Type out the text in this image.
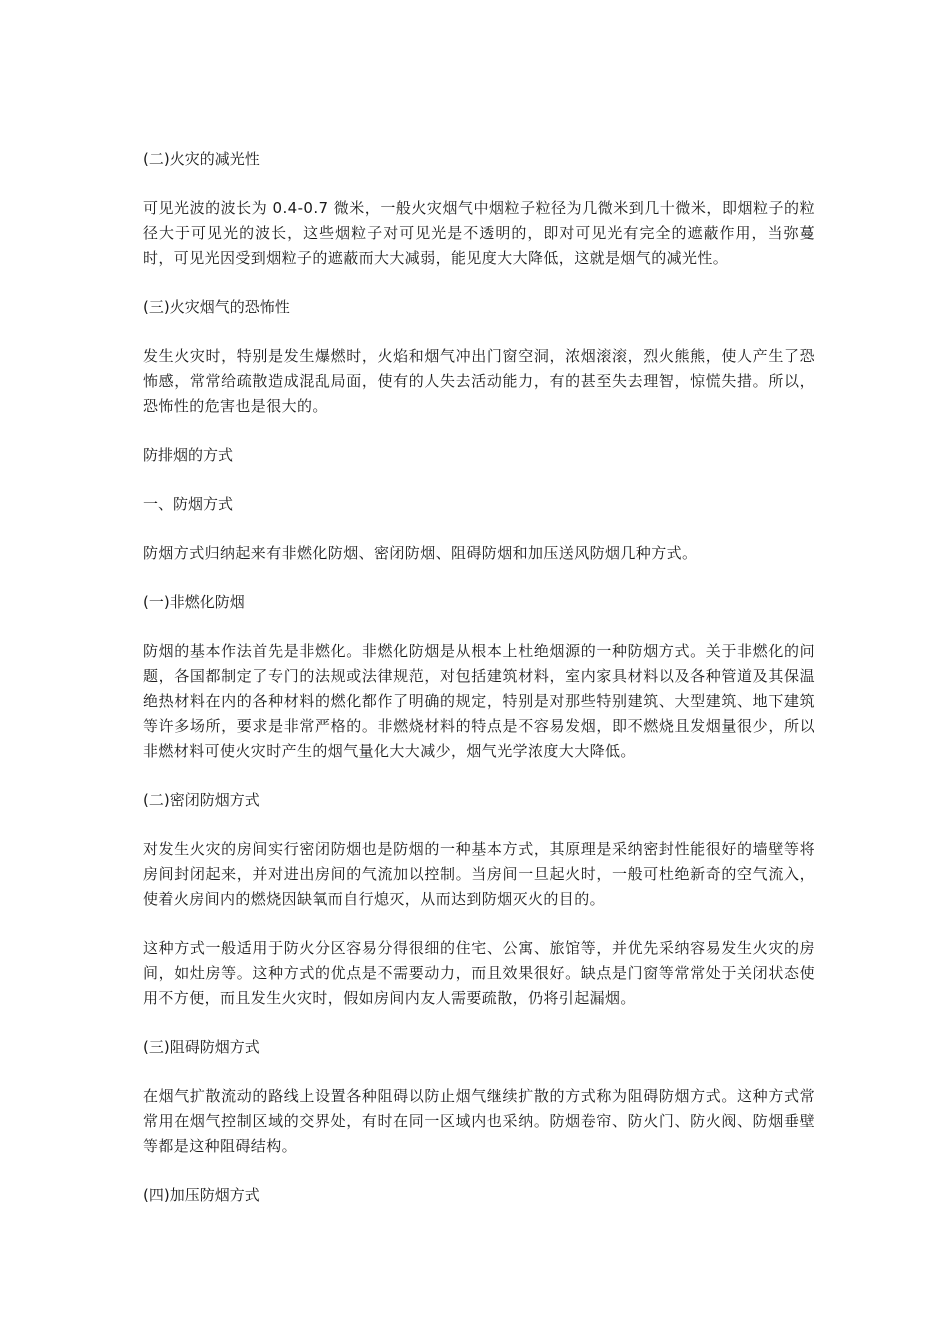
(二)火灾的减光性

可见光波的波长为 0.4-0.7 微米，一般火灾烟气中烟粒子粒径为几微米到几十微米，即烟粒子的粒径大于可见光的波长，这些烟粒子对可见光是不透明的，即对可见光有完全的遮蔽作用，当弥蔓时，可见光因受到烟粒子的遮蔽而大大减弱，能见度大大降低，这就是烟气的减光性。

(三)火灾烟气的恐怖性

发生火灾时，特别是发生爆燃时，火焰和烟气冲出门窗空洞，浓烟滚滚，烈火熊熊，使人产生了恐怖感，常常给疏散造成混乱局面，使有的人失去活动能力，有的甚至失去理智，惊慌失措。所以，恐怖性的危害也是很大的。

防排烟的方式

一、防烟方式

防烟方式归纳起来有非燃化防烟、密闭防烟、阻碍防烟和加压送风防烟几种方式。

(一)非燃化防烟

防烟的基本作法首先是非燃化。非燃化防烟是从根本上杜绝烟源的一种防烟方式。关于非燃化的问题，各国都制定了专门的法规或法律规范，对包括建筑材料，室内家具材料以及各种管道及其保温绝热材料在内的各种材料的燃化都作了明确的规定，特别是对那些特别建筑、大型建筑、地下建筑等许多场所，要求是非常严格的。非燃烧材料的特点是不容易发烟，即不燃烧且发烟量很少，所以非燃材料可使火灾时产生的烟气量化大大减少，烟气光学浓度大大降低。

(二)密闭防烟方式

对发生火灾的房间实行密闭防烟也是防烟的一种基本方式，其原理是采纳密封性能很好的墙壁等将房间封闭起来，并对进出房间的气流加以控制。当房间一旦起火时，一般可杜绝新奇的空气流入，使着火房间内的燃烧因缺氧而自行熄灭，从而达到防烟灭火的目的。

这种方式一般适用于防火分区容易分得很细的住宅、公寓、旅馆等，并优先采纳容易发生火灾的房间，如灶房等。这种方式的优点是不需要动力，而且效果很好。缺点是门窗等常常处于关闭状态使用不方便，而且发生火灾时，假如房间内友人需要疏散，仍将引起漏烟。

(三)阻碍防烟方式

在烟气扩散流动的路线上设置各种阻碍以防止烟气继续扩散的方式称为阻碍防烟方式。这种方式常常用在烟气控制区域的交界处，有时在同一区域内也采纳。防烟卷帘、防火门、防火阀、防烟垂壁等都是这种阻碍结构。

(四)加压防烟方式
